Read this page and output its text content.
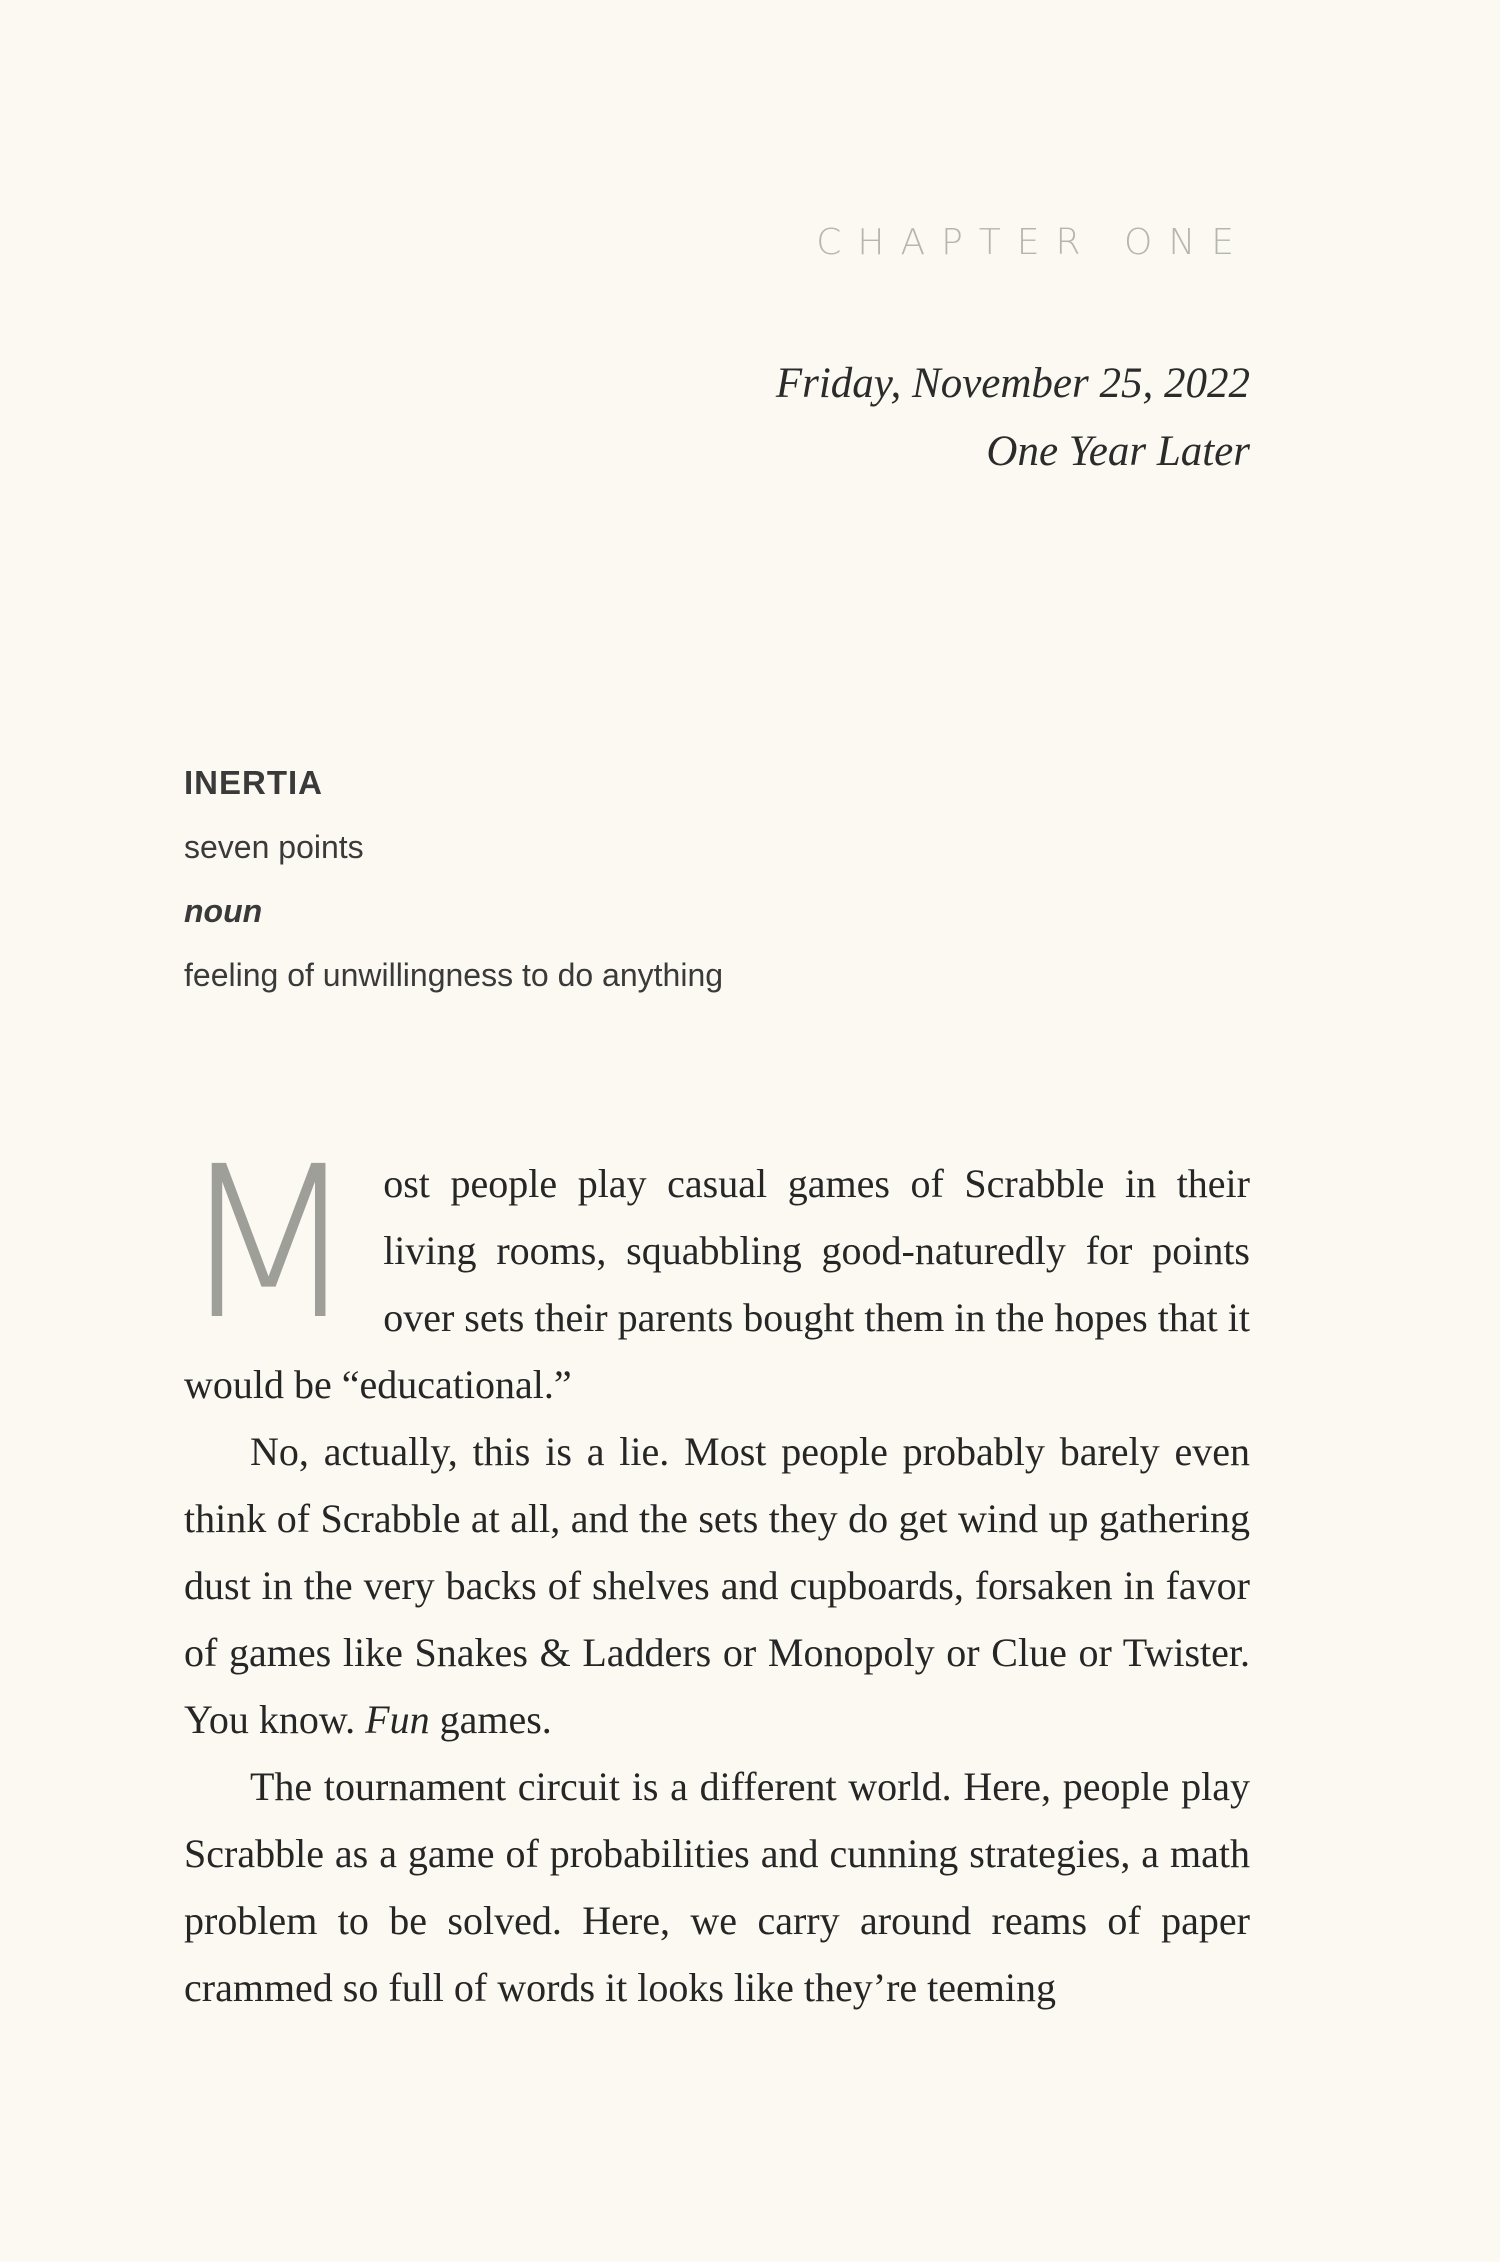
CHAPTER ONE
Friday, November 25, 2022
One Year Later
INERTIA
seven points
noun
feeling of unwillingness to do anything

Most people play casual games of Scrabble in their living rooms, squabbling good-naturedly for points over sets their parents bought them in the hopes that it would be “educational.”

No, actually, this is a lie. Most people probably barely even think of Scrabble at all, and the sets they do get wind up gathering dust in the very backs of shelves and cupboards, forsaken in favor of games like Snakes & Ladders or Monopoly or Clue or Twister. You know. Fun games.

The tournament circuit is a different world. Here, people play Scrabble as a game of probabilities and cunning strategies, a math problem to be solved. Here, we carry around reams of paper crammed so full of words it looks like they’re teeming
